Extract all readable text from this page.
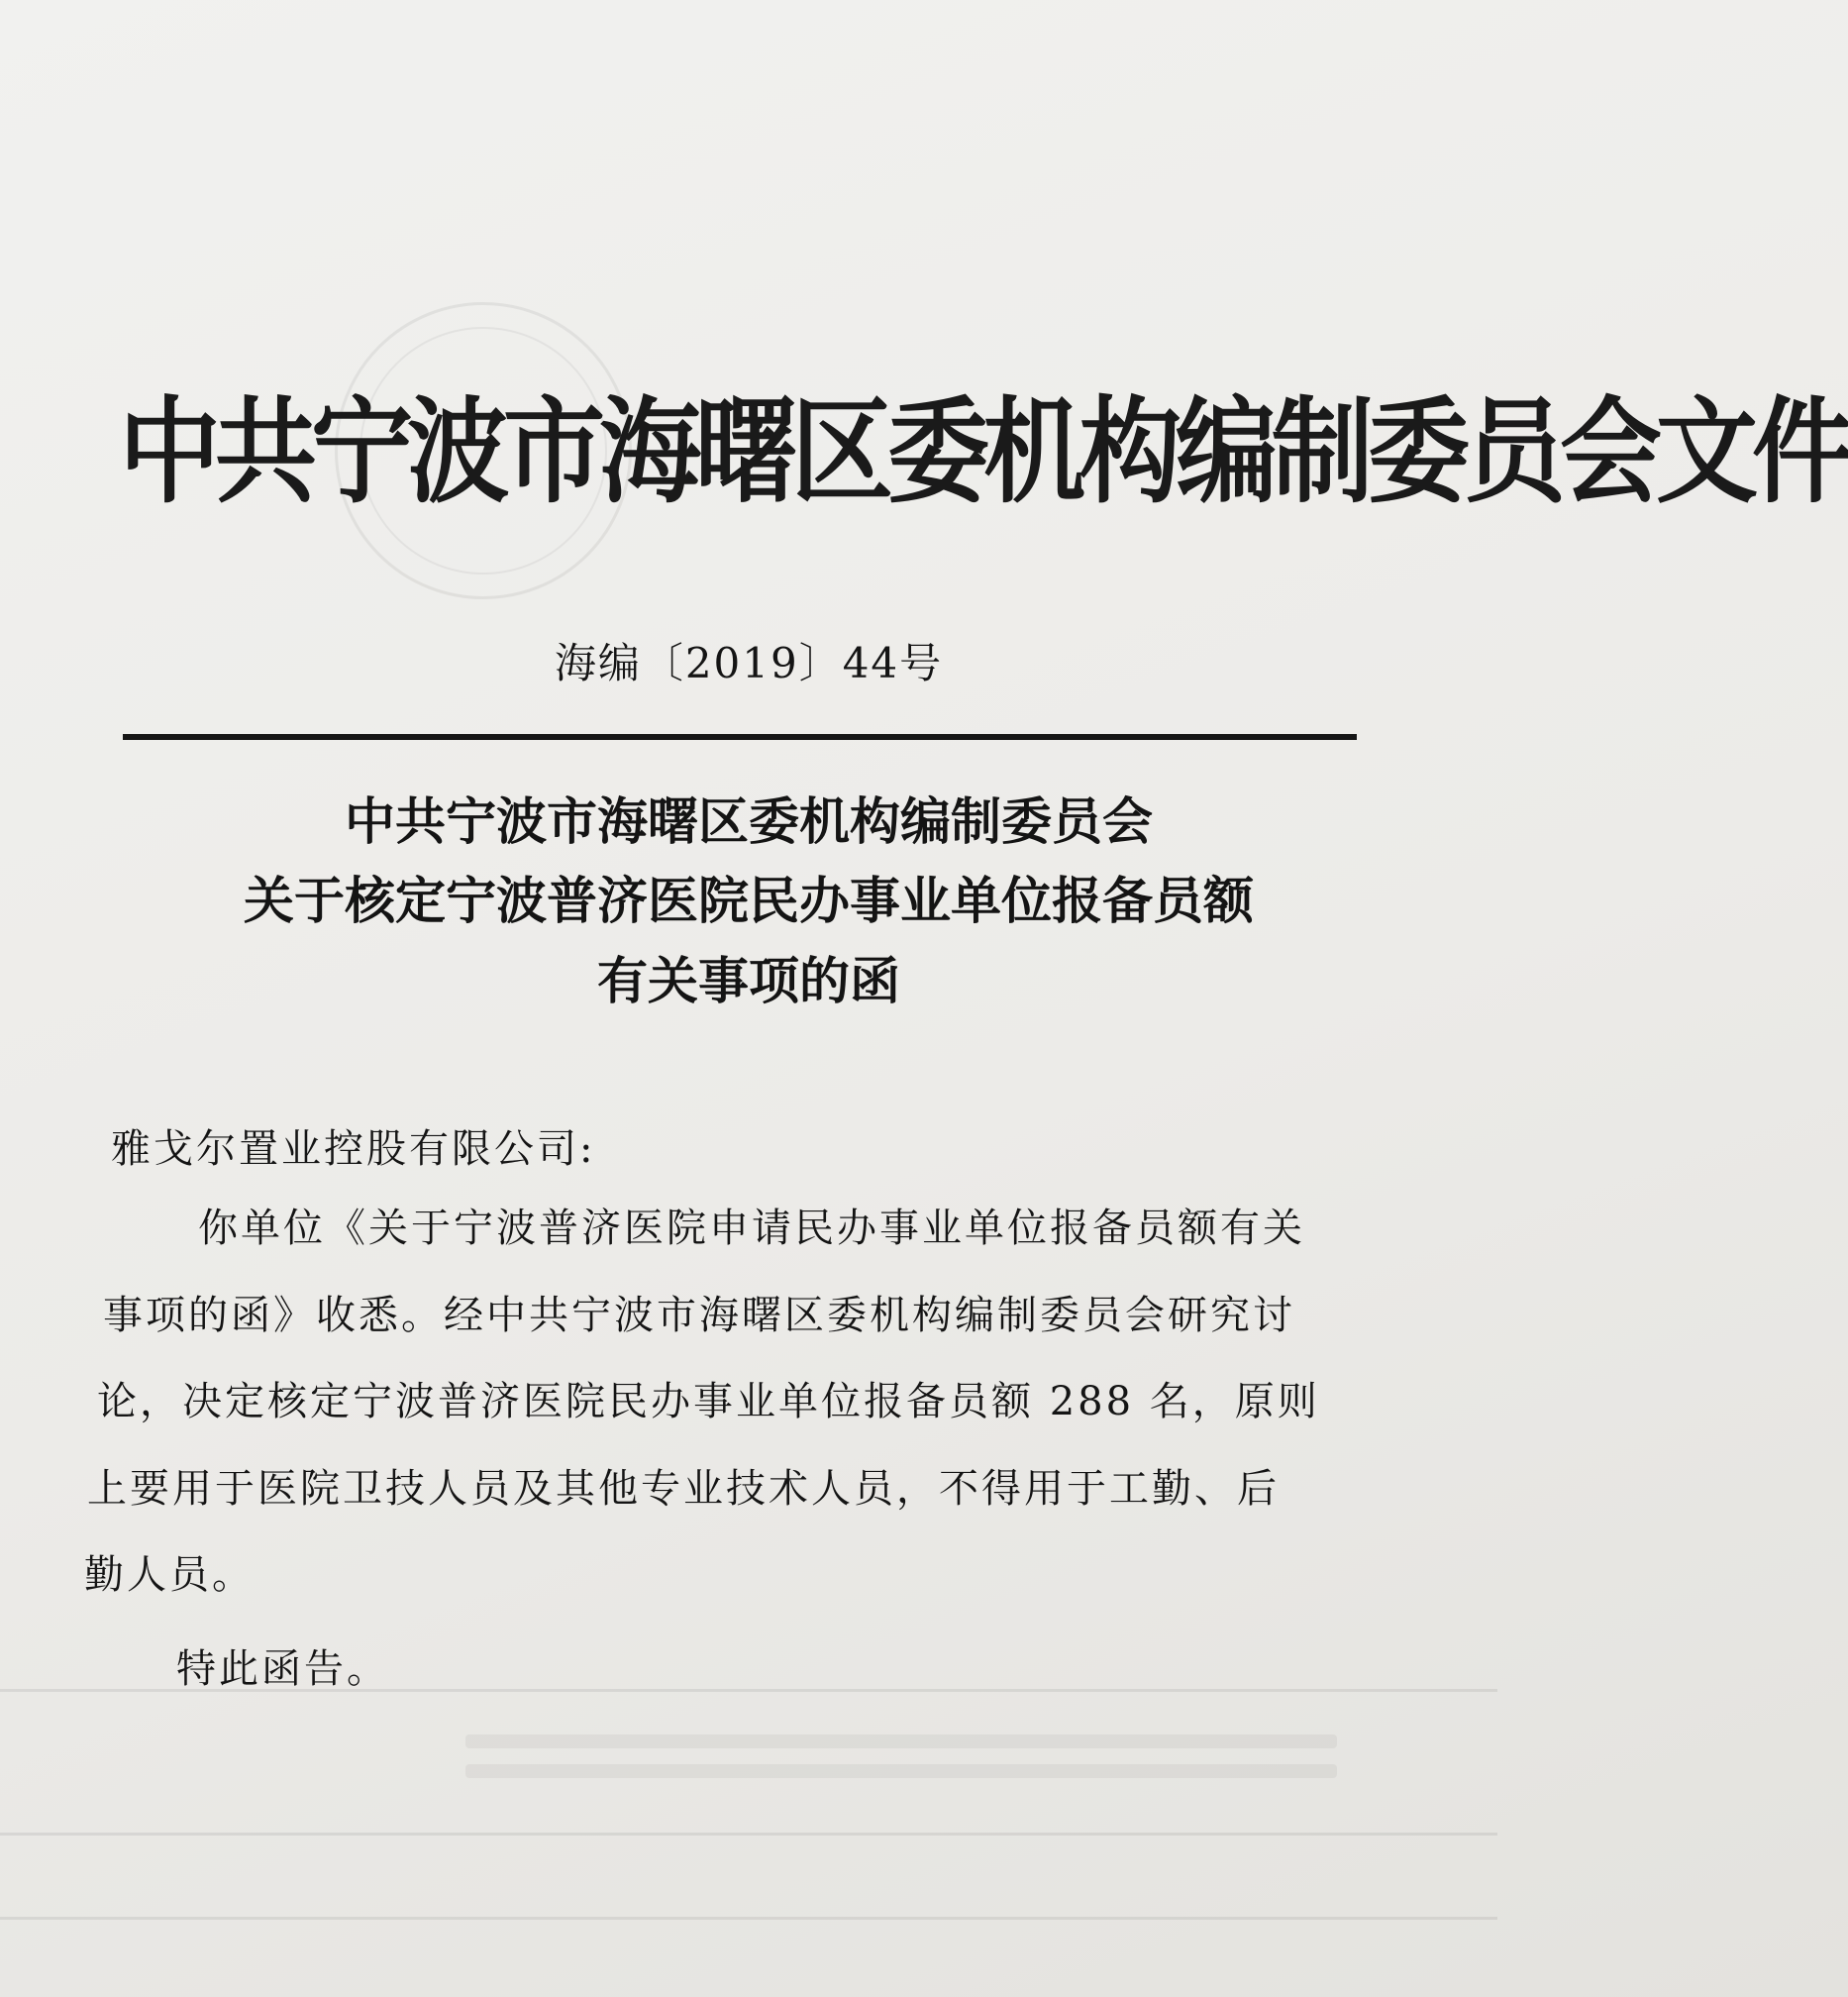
中共宁波市海曙区委机构编制委员会文件
海编〔2019〕44号
中共宁波市海曙区委机构编制委员会
关于核定宁波普济医院民办事业单位报备员额
有关事项的函
雅戈尔置业控股有限公司:
你单位《关于宁波普济医院申请民办事业单位报备员额有关
事项的函》收悉。经中共宁波市海曙区委机构编制委员会研究讨
论，决定核定宁波普济医院民办事业单位报备员额 288 名，原则
上要用于医院卫技人员及其他专业技术人员，不得用于工勤、后
勤人员。
特此函告。
